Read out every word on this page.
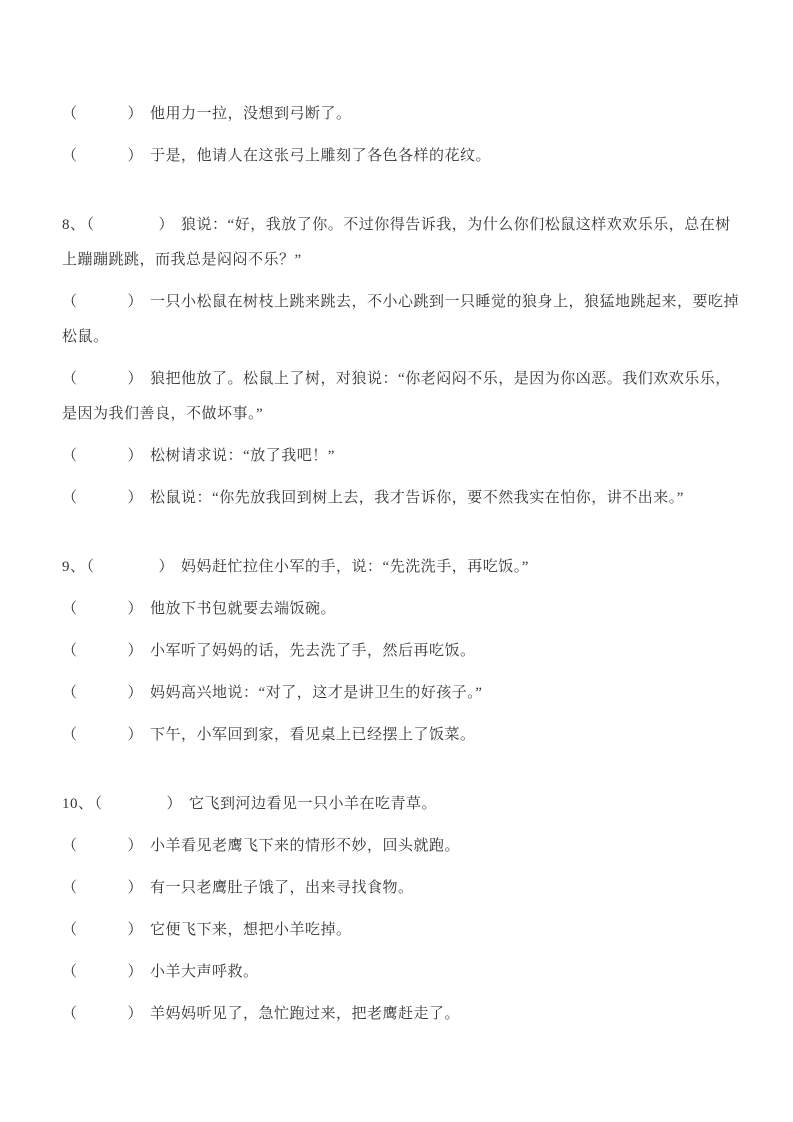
（	） 他用力一拉，没想到弓断了。

（	） 于是，他请人在这张弓上雕刻了各色各样的花纹。

8、（	） 狼说：“好，我放了你。不过你得告诉我，为什么你们松鼠这样欢欢乐乐，总在树上蹦蹦跳跳，而我总是闷闷不乐？”

（	） 一只小松鼠在树枝上跳来跳去，不小心跳到一只睡觉的狼身上，狼猛地跳起来，要吃掉松鼠。

（	） 狼把他放了。松鼠上了树，对狼说：“你老闷闷不乐，是因为你凶恶。我们欢欢乐乐，是因为我们善良，不做坏事。”

（	） 松树请求说：“放了我吧！”

（	） 松鼠说：“你先放我回到树上去，我才告诉你，要不然我实在怕你，讲不出来。”

9、（	） 妈妈赶忙拉住小军的手，说：“先洗洗手，再吃饭。”

（	） 他放下书包就要去端饭碗。

（	） 小军听了妈妈的话，先去洗了手，然后再吃饭。

（	） 妈妈高兴地说：“对了，这才是讲卫生的好孩子。”

（	） 下午，小军回到家，看见桌上已经摆上了饭菜。

10、（	） 它飞到河边看见一只小羊在吃青草。

（	） 小羊看见老鹰飞下来的情形不妙，回头就跑。

（	） 有一只老鹰肚子饿了，出来寻找食物。

（	） 它便飞下来，想把小羊吃掉。

（	） 小羊大声呼救。

（	） 羊妈妈听见了，急忙跑过来，把老鹰赶走了。
